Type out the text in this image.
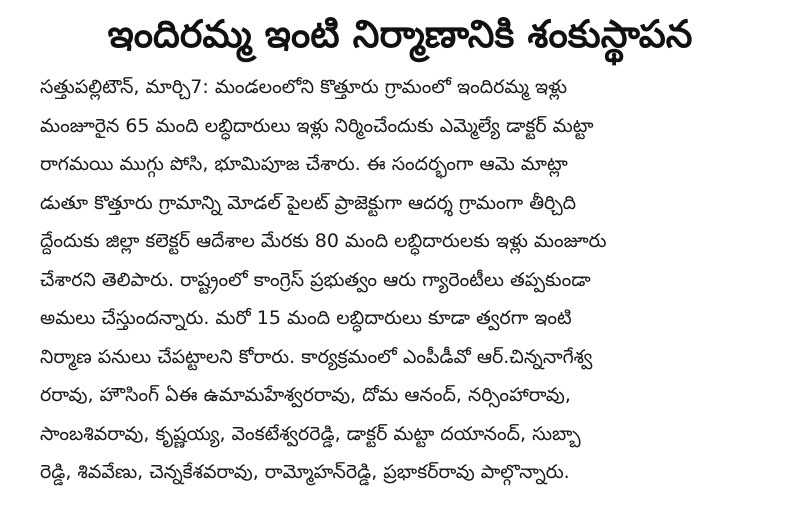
ఇందిరమ్మ ఇంటి నిర్మాణానికి శంకుస్థాపన
సత్తుపల్లిటౌన్, మార్చి7: మండలంలోని కొత్తూరు గ్రామంలో ఇందిరమ్మ ఇళ్లు
మంజూరైన 65 మంది లబ్ధిదారులు ఇళ్లు నిర్మించేందుకు ఎమ్మెల్యే డాక్టర్ మట్టా
రాగమయి ముగ్గు పోసి, భూమిపూజ చేశారు. ఈ సందర్భంగా ఆమె మాట్లా
డుతూ కొత్తూరు గ్రామాన్ని మోడల్ పైలట్ ప్రాజెక్టుగా ఆదర్శ గ్రామంగా తీర్చిది
ద్దేందుకు జిల్లా కలెక్టర్ ఆదేశాల మేరకు 80 మంది లబ్ధిదారులకు ఇళ్లు మంజూరు
చేశారని తెలిపారు. రాష్ట్రంలో కాంగ్రెస్ ప్రభుత్వం ఆరు గ్యారెంటీలు తప్పకుండా
అమలు చేస్తుందన్నారు. మరో 15 మంది లబ్ధిదారులు కూడా త్వరగా ఇంటి
నిర్మాణ పనులు చేపట్టాలని కోరారు. కార్యక్రమంలో ఎంపీడీవో ఆర్.చిన్ననాగేశ్వ
రరావు, హౌసింగ్ ఏఈ ఉమామహేశ్వరరావు, దోమ ఆనంద్, నర్సింహారావు,
సాంబశివరావు, కృష్ణయ్య, వెంకటేశ్వరరెడ్డి, డాక్టర్ మట్టా దయానంద్, సుబ్బా
రెడ్డి, శివవేణు, చెన్నకేశవరావు, రామ్మోహన్‌రెడ్డి, ప్రభాకర్‌రావు పాల్గొన్నారు.
